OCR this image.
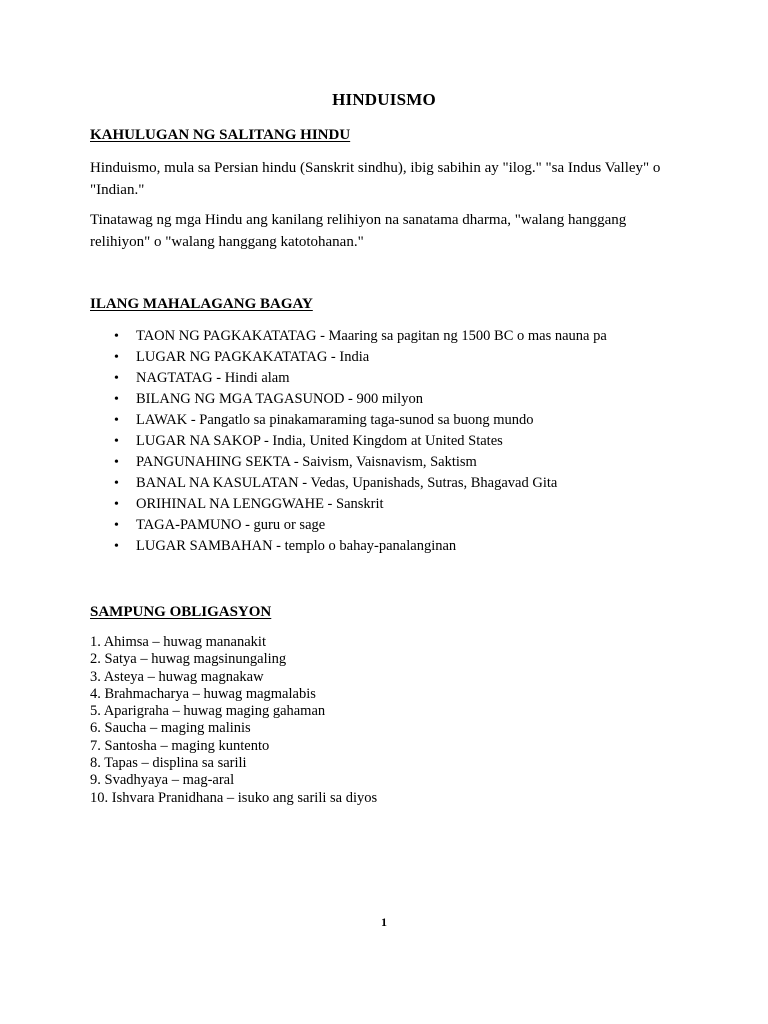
HINDUISMO
KAHULUGAN NG SALITANG HINDU
Hinduismo, mula sa Persian hindu (Sanskrit sindhu), ibig sabihin ay "ilog." "sa Indus Valley" o "Indian."
Tinatawag ng mga Hindu ang kanilang relihiyon na sanatama dharma, "walang hanggang relihiyon" o "walang hanggang katotohanan."
ILANG MAHALAGANG BAGAY
• TAON NG PAGKAKATATAG - Maaring sa pagitan ng 1500 BC o mas nauna pa
• LUGAR NG PAGKAKATATAG - India
• NAGTATAG - Hindi alam
• BILANG NG MGA TAGASUNOD - 900 milyon
• LAWAK - Pangatlo sa pinakamaraming taga-sunod sa buong mundo
• LUGAR NA SAKOP - India, United Kingdom at United States
• PANGUNAHING SEKTA - Saivism, Vaisnavism, Saktism
• BANAL NA KASULATAN - Vedas, Upanishads, Sutras, Bhagavad Gita
• ORIHINAL NA LENGGWAHE - Sanskrit
• TAGA-PAMUNO - guru or sage
• LUGAR SAMBAHAN - templo o bahay-panalanginan
SAMPUNG OBLIGASYON
1. Ahimsa – huwag mananakit
2. Satya – huwag magsinungaling
3. Asteya – huwag magnakaw
4. Brahmacharya – huwag magmalabis
5. Aparigraha – huwag maging gahaman
6. Saucha – maging malinis
7. Santosha – maging kuntento
8. Tapas – displina sa sarili
9. Svadhyaya – mag-aral
10. Ishvara Pranidhana – isuko ang sarili sa diyos
1
